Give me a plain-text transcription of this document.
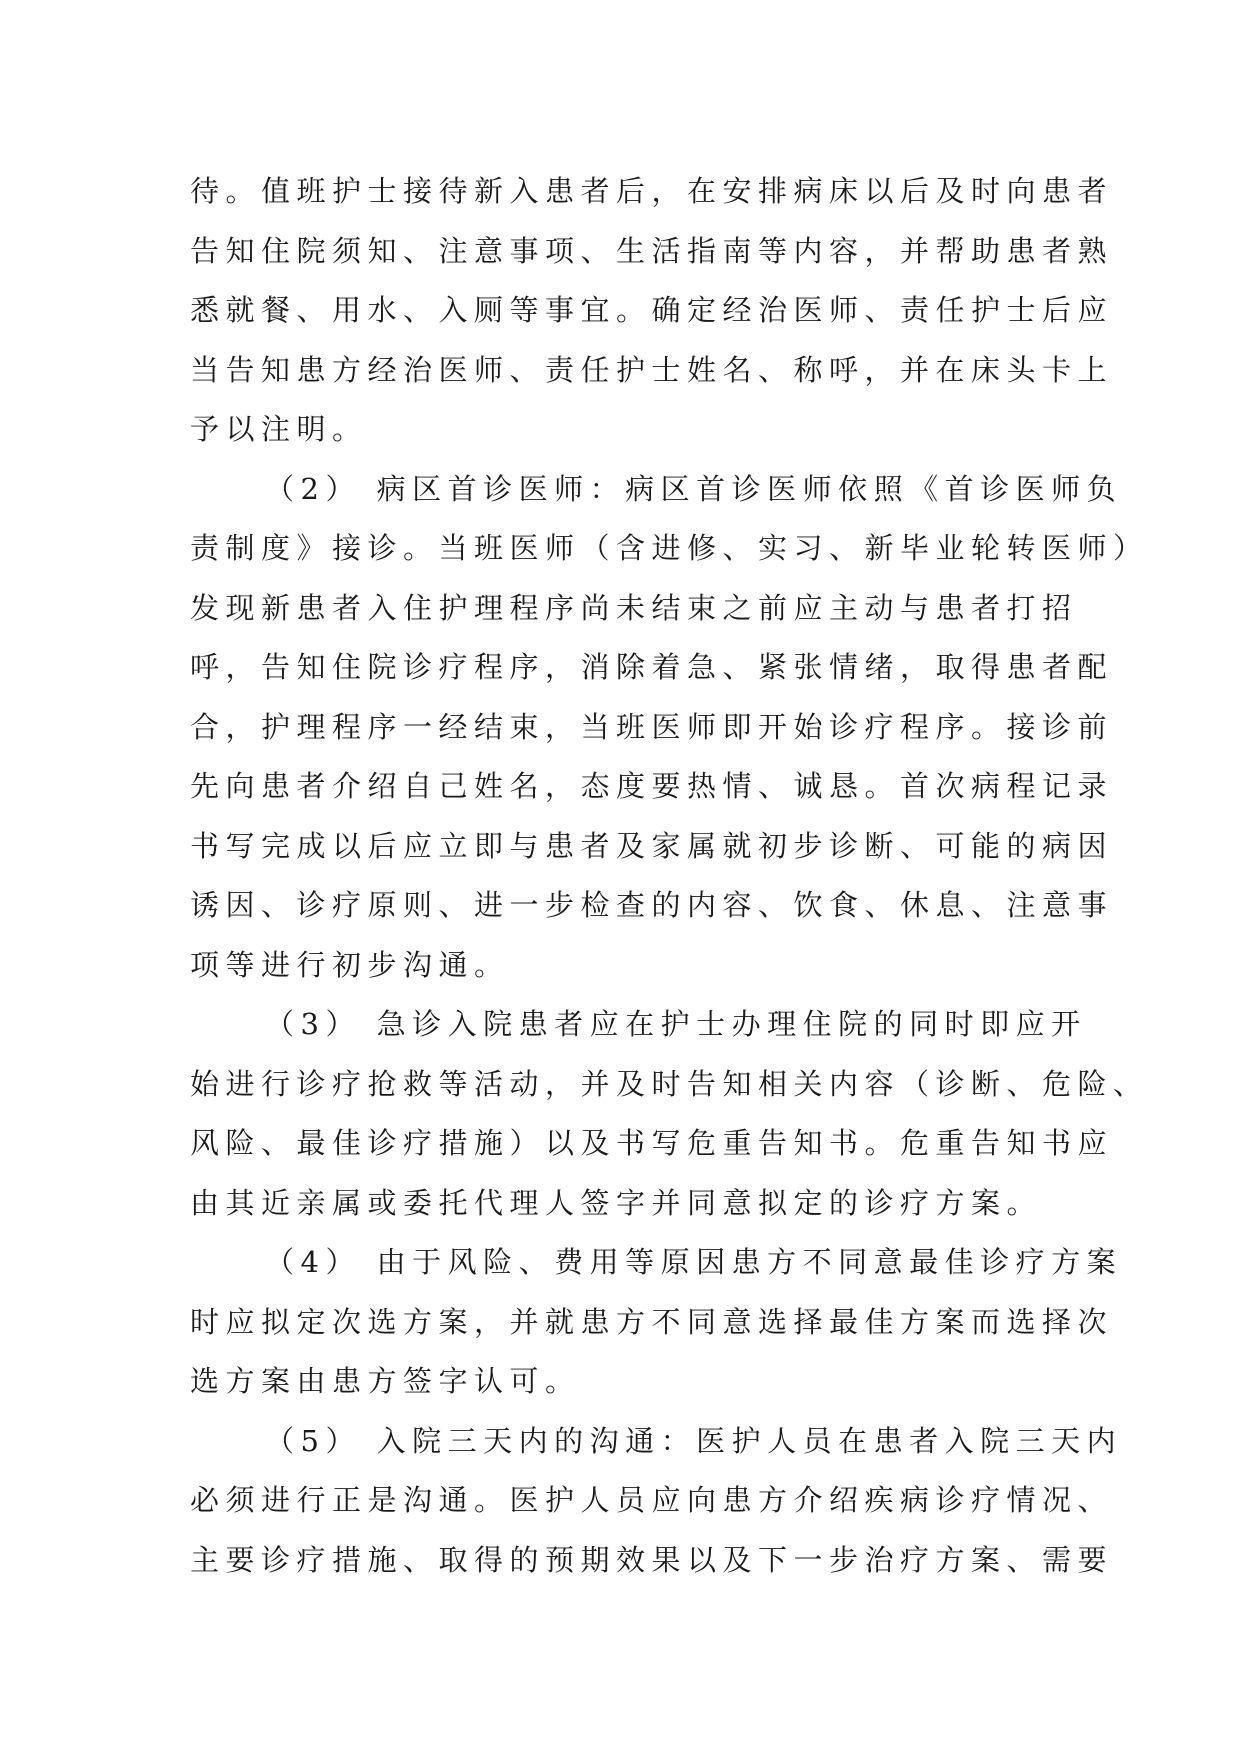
待。值班护士接待新入患者后，在安排病床以后及时向患者
告知住院须知、注意事项、生活指南等内容，并帮助患者熟
悉就餐、用水、入厕等事宜。确定经治医师、责任护士后应
当告知患方经治医师、责任护士姓名、称呼，并在床头卡上
予以注明。
（2） 病区首诊医师：病区首诊医师依照《首诊医师负
责制度》接诊。当班医师（含进修、实习、新毕业轮转医师）
发现新患者入住护理程序尚未结束之前应主动与患者打招
呼，告知住院诊疗程序，消除着急、紧张情绪，取得患者配
合，护理程序一经结束，当班医师即开始诊疗程序。接诊前
先向患者介绍自己姓名，态度要热情、诚恳。首次病程记录
书写完成以后应立即与患者及家属就初步诊断、可能的病因
诱因、诊疗原则、进一步检查的内容、饮食、休息、注意事
项等进行初步沟通。
（3） 急诊入院患者应在护士办理住院的同时即应开
始进行诊疗抢救等活动，并及时告知相关内容（诊断、危险、
风险、最佳诊疗措施）以及书写危重告知书。危重告知书应
由其近亲属或委托代理人签字并同意拟定的诊疗方案。
（4） 由于风险、费用等原因患方不同意最佳诊疗方案
时应拟定次选方案，并就患方不同意选择最佳方案而选择次
选方案由患方签字认可。
（5） 入院三天内的沟通：医护人员在患者入院三天内
必须进行正是沟通。医护人员应向患方介绍疾病诊疗情况、
主要诊疗措施、取得的预期效果以及下一步治疗方案、需要
